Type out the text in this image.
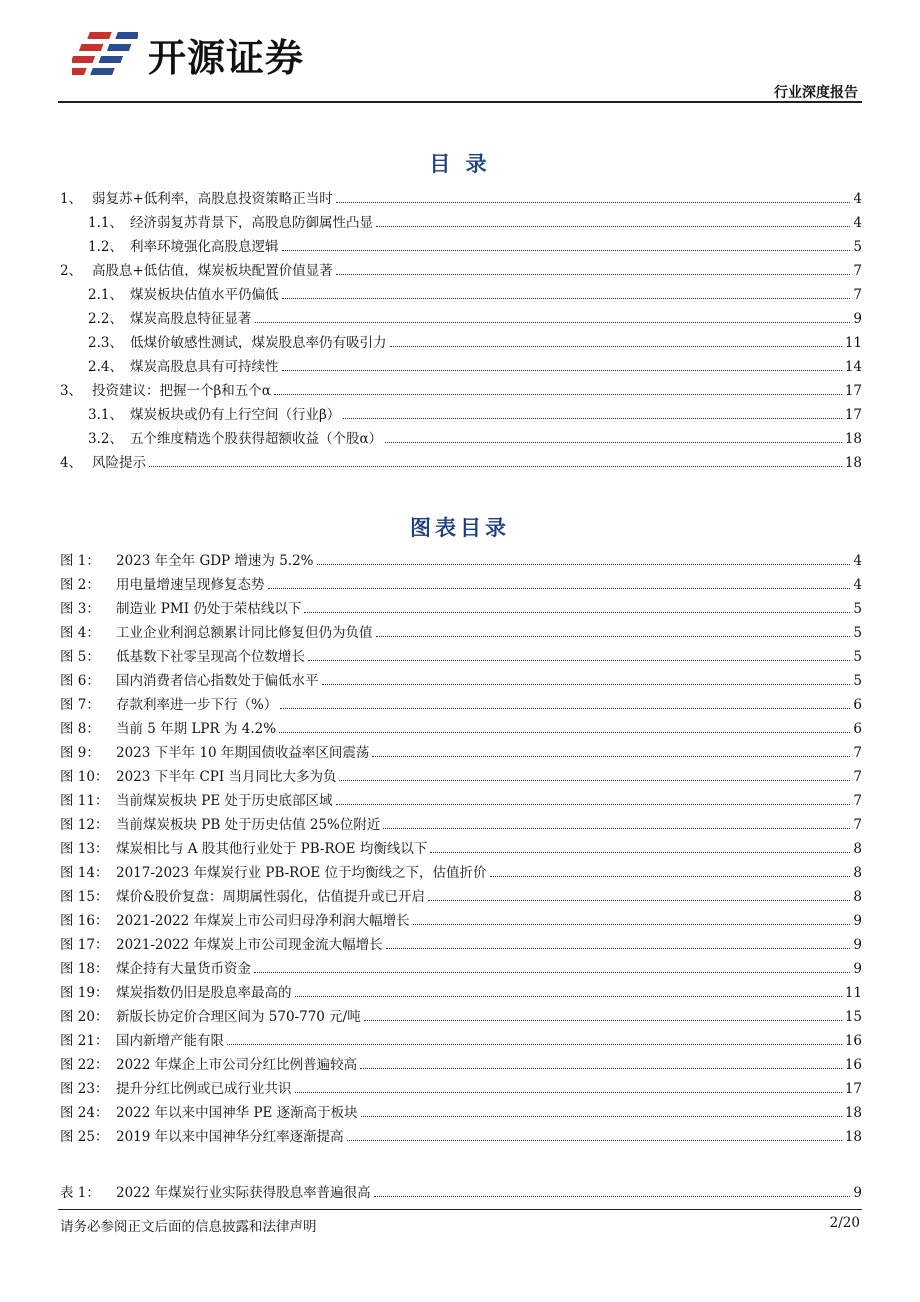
开源证券
行业深度报告
目 录
1、 弱复苏+低利率，高股息投资策略正当时	4
1.1、 经济弱复苏背景下，高股息防御属性凸显	4
1.2、 利率环境强化高股息逻辑	5
2、 高股息+低估值，煤炭板块配置价值显著	7
2.1、 煤炭板块估值水平仍偏低	7
2.2、 煤炭高股息特征显著	9
2.3、 低煤价敏感性测试，煤炭股息率仍有吸引力	11
2.4、 煤炭高股息具有可持续性	14
3、 投资建议：把握一个β和五个α	17
3.1、 煤炭板块或仍有上行空间（行业β）	17
3.2、 五个维度精选个股获得超额收益（个股α）	18
4、 风险提示	18
图表目录
图 1：	2023 年全年 GDP 增速为 5.2%	4
图 2：	用电量增速呈现修复态势	4
图 3：	制造业 PMI 仍处于荣枯线以下	5
图 4：	工业企业利润总额累计同比修复但仍为负值	5
图 5：	低基数下社零呈现高个位数增长	5
图 6：	国内消费者信心指数处于偏低水平	5
图 7：	存款利率进一步下行（%）	6
图 8：	当前 5 年期 LPR 为 4.2%	6
图 9：	2023 下半年 10 年期国债收益率区间震荡	7
图 10： 2023 下半年 CPI 当月同比大多为负	7
图 11： 当前煤炭板块 PE 处于历史底部区域	7
图 12： 当前煤炭板块 PB 处于历史估值 25%位附近	7
图 13： 煤炭相比与 A 股其他行业处于 PB-ROE 均衡线以下	8
图 14： 2017-2023 年煤炭行业 PB-ROE 位于均衡线之下，估值折价	8
图 15： 煤价&股价复盘：周期属性弱化，估值提升或已开启	8
图 16： 2021-2022 年煤炭上市公司归母净利润大幅增长	9
图 17： 2021-2022 年煤炭上市公司现金流大幅增长	9
图 18： 煤企持有大量货币资金	9
图 19： 煤炭指数仍旧是股息率最高的	11
图 20： 新版长协定价合理区间为 570-770 元/吨	15
图 21： 国内新增产能有限	16
图 22： 2022 年煤企上市公司分红比例普遍较高	16
图 23： 提升分红比例或已成行业共识	17
图 24： 2022 年以来中国神华 PE 逐渐高于板块	18
图 25： 2019 年以来中国神华分红率逐渐提高	18
表 1：	2022 年煤炭行业实际获得股息率普遍很高	9
请务必参阅正文后面的信息披露和法律声明	2/20
